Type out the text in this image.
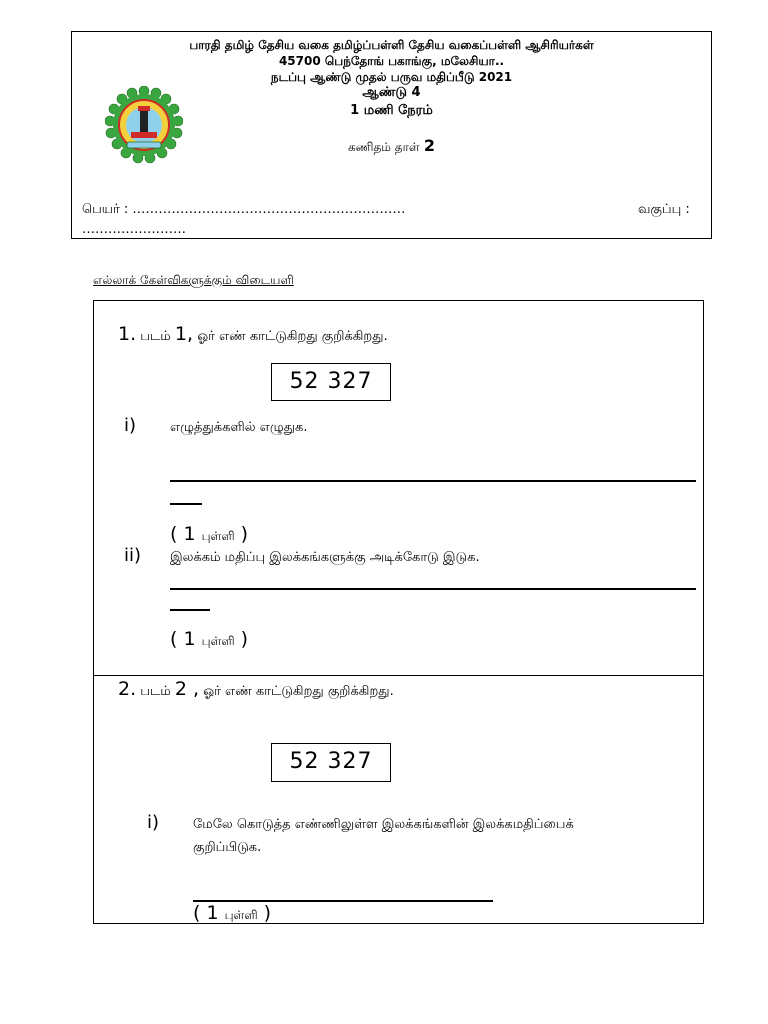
பாரதி தமிழ் தேசிய வகை தமிழ்ப்பள்ளி தேசிய வகைப்பள்ளி ஆசிரியர்கள்
45700 பெந்தோங் பகாங்கு, மலேசியா..
நடப்பு ஆண்டு முதல் பருவ மதிப்பீடு 2021
ஆண்டு 4
1 மணி நேரம்
கணிதம் தாள் 2
பெயர் : ………………………………………………………	வகுப்பு :
……………………
எல்லாக் கேள்விகளுக்கும் விடையளி
1. படம் 1, ஓர் எண் காட்டுகிறது குறிக்கிறது.
52 327
i)	எழுத்துக்களில் எழுதுக.
( 1 புள்ளி )
ii) இலக்கம் மதிப்பு இலக்கங்களுக்கு அடிக்கோடு இடுக.
( 1 புள்ளி )
2. படம் 2 , ஓர் எண் காட்டுகிறது குறிக்கிறது.
52 327
i)	மேலே கொடுத்த எண்ணிலுள்ள இலக்கங்களின் இலக்கமதிப்பைக்
குறிப்பிடுக.
( 1 புள்ளி )
